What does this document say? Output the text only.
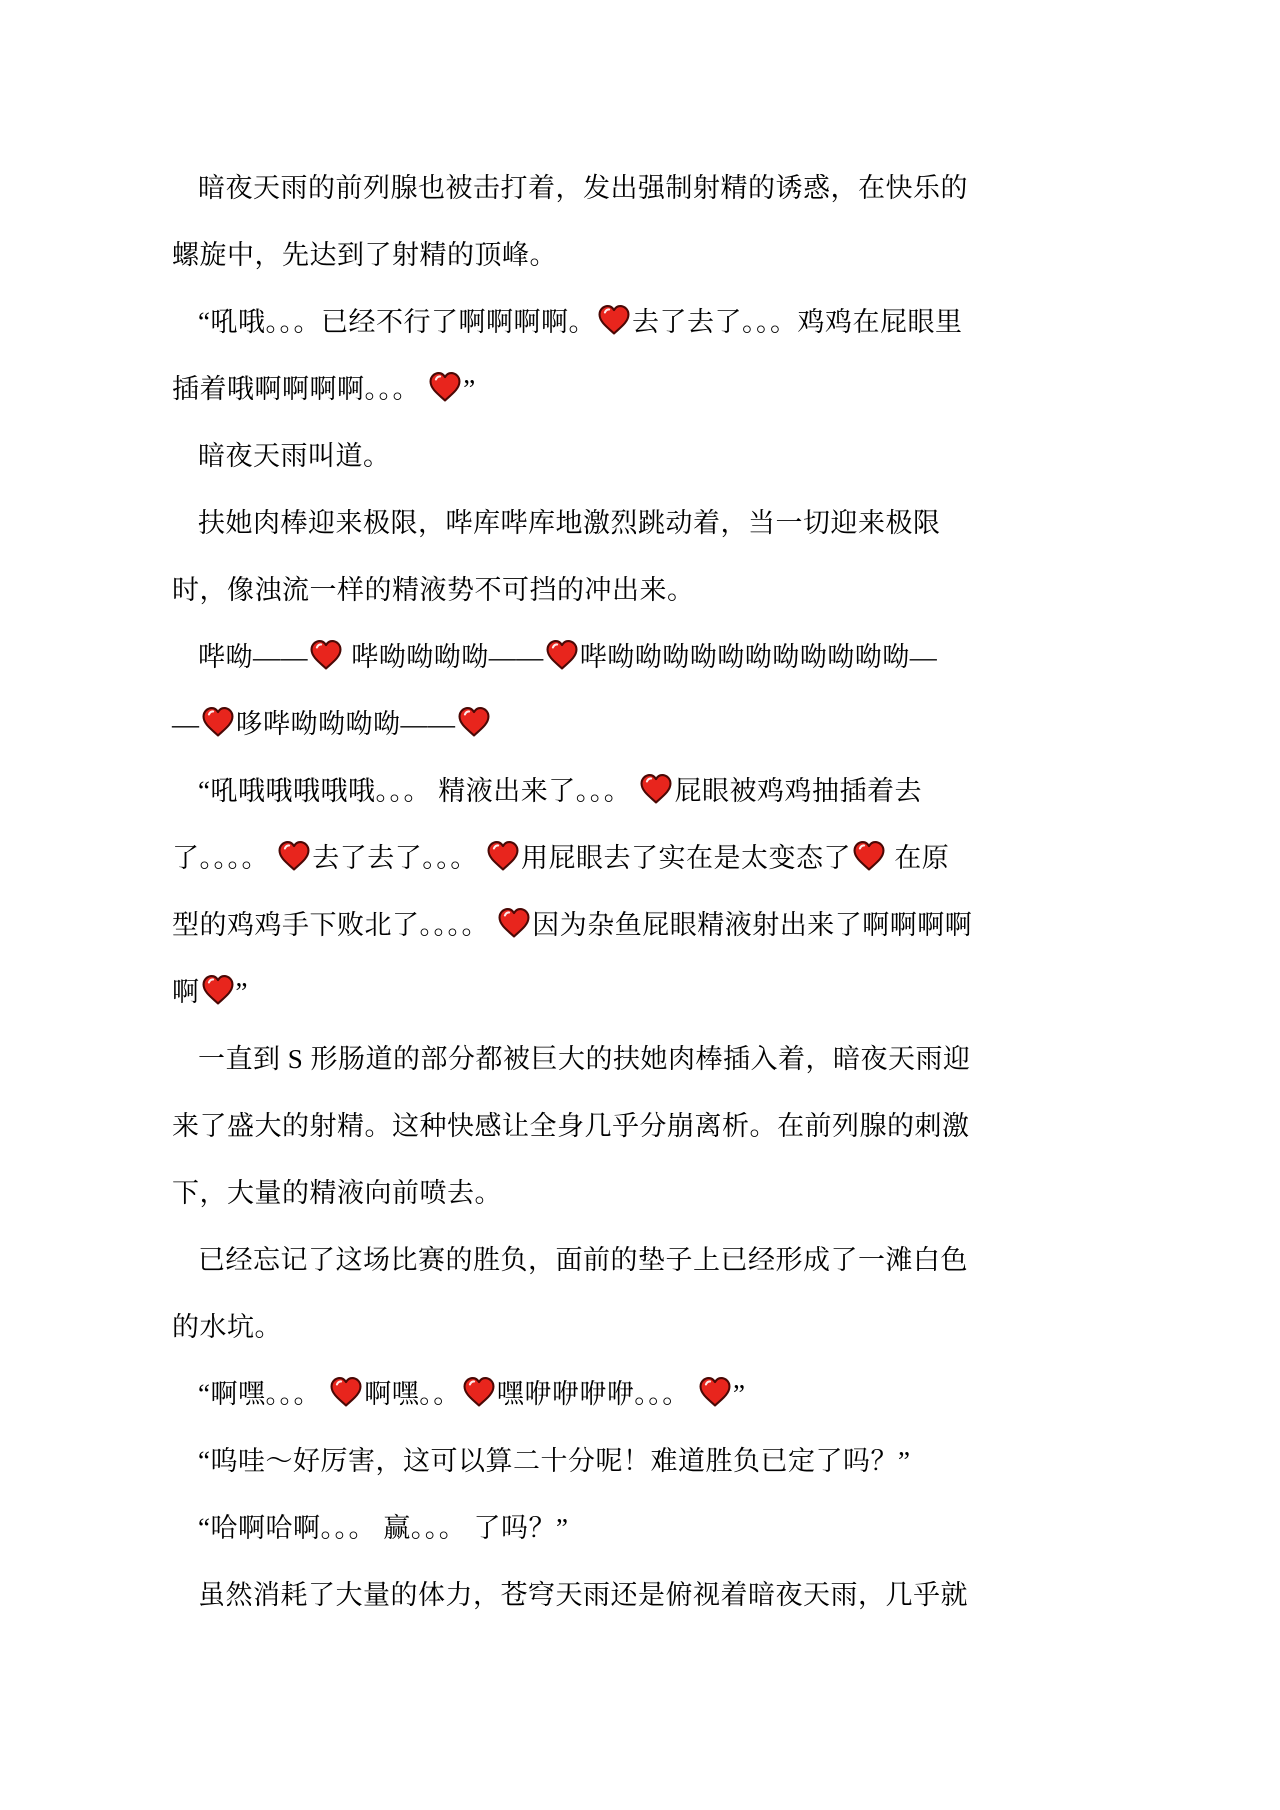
暗夜天雨的前列腺也被击打着，发出强制射精的诱惑，在快乐的
螺旋中，先达到了射精的顶峰。
“吼哦。。。已经不行了啊啊啊啊。 去了去了。。。鸡鸡在屁眼里
插着哦啊啊啊啊。。。 ”
暗夜天雨叫道。
扶她肉棒迎来极限，哔库哔库地激烈跳动着，当一切迎来极限
时，像浊流一样的精液势不可挡的冲出来。
哔呦—— 哔呦呦呦呦—— 哔呦呦呦呦呦呦呦呦呦呦呦—
— 哆哔呦呦呦呦——
“吼哦哦哦哦哦。。。 精液出来了。。。 屁眼被鸡鸡抽插着去
了。。。。 去了去了。。。 用屁眼去了实在是太变态了 在原
型的鸡鸡手下败北了。。。。 因为杂鱼屁眼精液射出来了啊啊啊啊
啊 ”
一直到 S 形肠道的部分都被巨大的扶她肉棒插入着，暗夜天雨迎
来了盛大的射精。这种快感让全身几乎分崩离析。在前列腺的刺激
下，大量的精液向前喷去。
已经忘记了这场比赛的胜负，面前的垫子上已经形成了一滩白色
的水坑。
“啊嘿。。。 啊嘿。。 嘿咿咿咿咿。。。 ”
“呜哇～好厉害，这可以算二十分呢！难道胜负已定了吗？”
“哈啊哈啊。。。 赢。。。 了吗？”
虽然消耗了大量的体力，苍穹天雨还是俯视着暗夜天雨，几乎就
